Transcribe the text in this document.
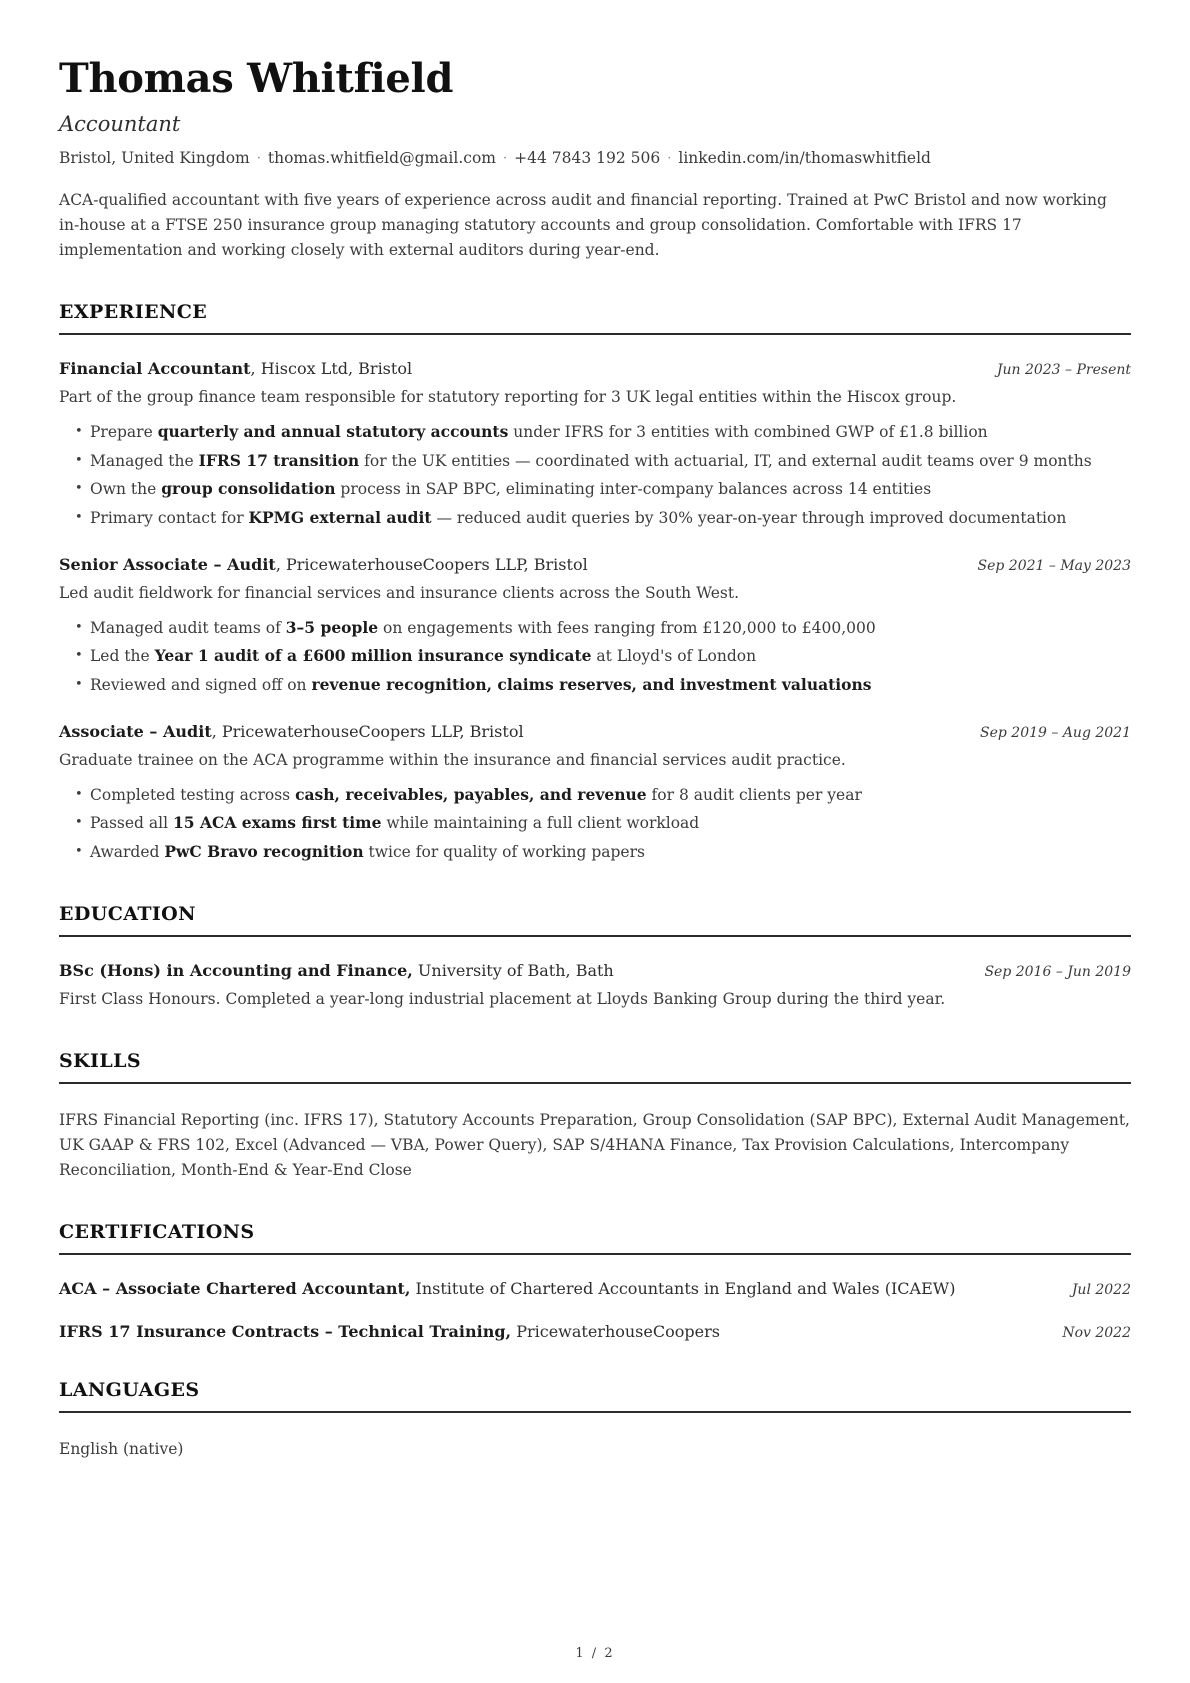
Thomas Whitfield
Accountant
Bristol, United Kingdom · thomas.whitfield@gmail.com · +44 7843 192 506 · linkedin.com/in/thomaswhitfield

ACA-qualified accountant with five years of experience across audit and financial reporting. Trained at PwC Bristol and now working in-house at a FTSE 250 insurance group managing statutory accounts and group consolidation. Comfortable with IFRS 17 implementation and working closely with external auditors during year-end.

EXPERIENCE
Financial Accountant, Hiscox Ltd, Bristol	Jun 2023 – Present

Part of the group finance team responsible for statutory reporting for 3 UK legal entities within the Hiscox group.

• Prepare quarterly and annual statutory accounts under IFRS for 3 entities with combined GWP of £1.8 billion
• Managed the IFRS 17 transition for the UK entities — coordinated with actuarial, IT, and external audit teams over 9 months
• Own the group consolidation process in SAP BPC, eliminating inter-company balances across 14 entities
• Primary contact for KPMG external audit — reduced audit queries by 30% year-on-year through improved documentation
Senior Associate – Audit, PricewaterhouseCoopers LLP, Bristol	Sep 2021 – May 2023

Led audit fieldwork for financial services and insurance clients across the South West.

• Managed audit teams of 3–5 people on engagements with fees ranging from £120,000 to £400,000
• Led the Year 1 audit of a £600 million insurance syndicate at Lloyd's of London
• Reviewed and signed off on revenue recognition, claims reserves, and investment valuations
Associate – Audit, PricewaterhouseCoopers LLP, Bristol	Sep 2019 – Aug 2021

Graduate trainee on the ACA programme within the insurance and financial services audit practice.

• Completed testing across cash, receivables, payables, and revenue for 8 audit clients per year
• Passed all 15 ACA exams first time while maintaining a full client workload
• Awarded PwC Bravo recognition twice for quality of working papers
EDUCATION
BSc (Hons) in Accounting and Finance, University of Bath, Bath	Sep 2016 – Jun 2019

First Class Honours. Completed a year-long industrial placement at Lloyds Banking Group during the third year.

SKILLS

IFRS Financial Reporting (inc. IFRS 17), Statutory Accounts Preparation, Group Consolidation (SAP BPC), External Audit Management, UK GAAP & FRS 102, Excel (Advanced — VBA, Power Query), SAP S/4HANA Finance, Tax Provision Calculations, Intercompany Reconciliation, Month-End & Year-End Close

CERTIFICATIONS
ACA – Associate Chartered Accountant, Institute of Chartered Accountants in England and Wales (ICAEW)	Jul 2022
IFRS 17 Insurance Contracts – Technical Training, PricewaterhouseCoopers	Nov 2022
LANGUAGES

English (native)

1 / 2
